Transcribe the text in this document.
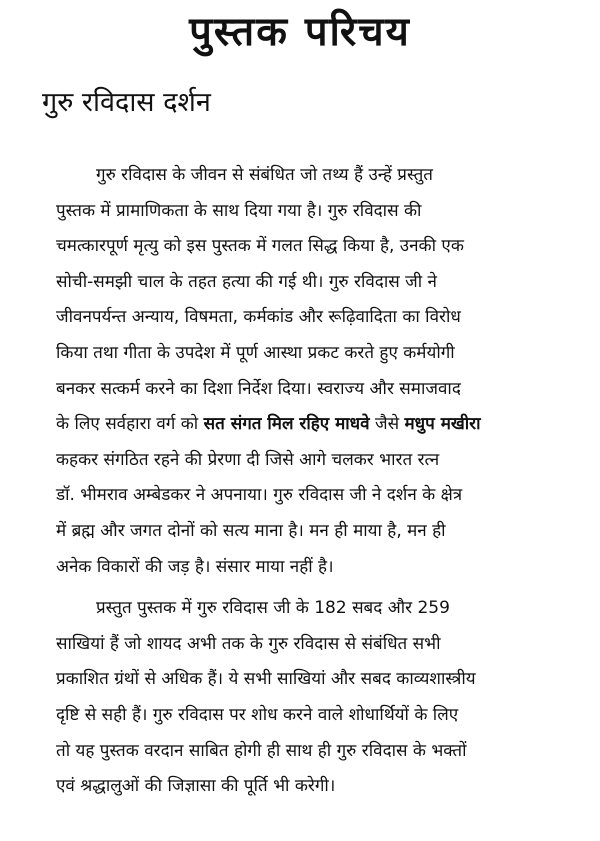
पुस्तक परिचय
गुरु रविदास दर्शन

गुरु रविदास के जीवन से संबंधित जो तथ्य हैं उन्हें प्रस्तुत
पुस्तक में प्रामाणिकता के साथ दिया गया है। गुरु रविदास की
चमत्कारपूर्ण मृत्यु को इस पुस्तक में गलत सिद्ध किया है, उनकी एक
सोची-समझी चाल के तहत हत्या की गई थी। गुरु रविदास जी ने
जीवनपर्यन्त अन्याय, विषमता, कर्मकांड और रूढ़िवादिता का विरोध
किया तथा गीता के उपदेश में पूर्ण आस्था प्रकट करते हुए कर्मयोगी
बनकर सत्कर्म करने का दिशा निर्देश दिया। स्वराज्य और समाजवाद
के लिए सर्वहारा वर्ग को सत संगत मिल रहिए माधवे जैसे मधुप मखीरा
कहकर संगठित रहने की प्रेरणा दी जिसे आगे चलकर भारत रत्न
डॉ. भीमराव अम्बेडकर ने अपनाया। गुरु रविदास जी ने दर्शन के क्षेत्र
में ब्रह्म और जगत दोनों को सत्य माना है। मन ही माया है, मन ही
अनेक विकारों की जड़ है। संसार माया नहीं है।

प्रस्तुत पुस्तक में गुरु रविदास जी के 182 सबद और 259
साखियां हैं जो शायद अभी तक के गुरु रविदास से संबंधित सभी
प्रकाशित ग्रंथों से अधिक हैं। ये सभी साखियां और सबद काव्यशास्त्रीय
दृष्टि से सही हैं। गुरु रविदास पर शोध करने वाले शोधार्थियों के लिए
तो यह पुस्तक वरदान साबित होगी ही साथ ही गुरु रविदास के भक्तों
एवं श्रद्धालुओं की जिज्ञासा की पूर्ति भी करेगी।
